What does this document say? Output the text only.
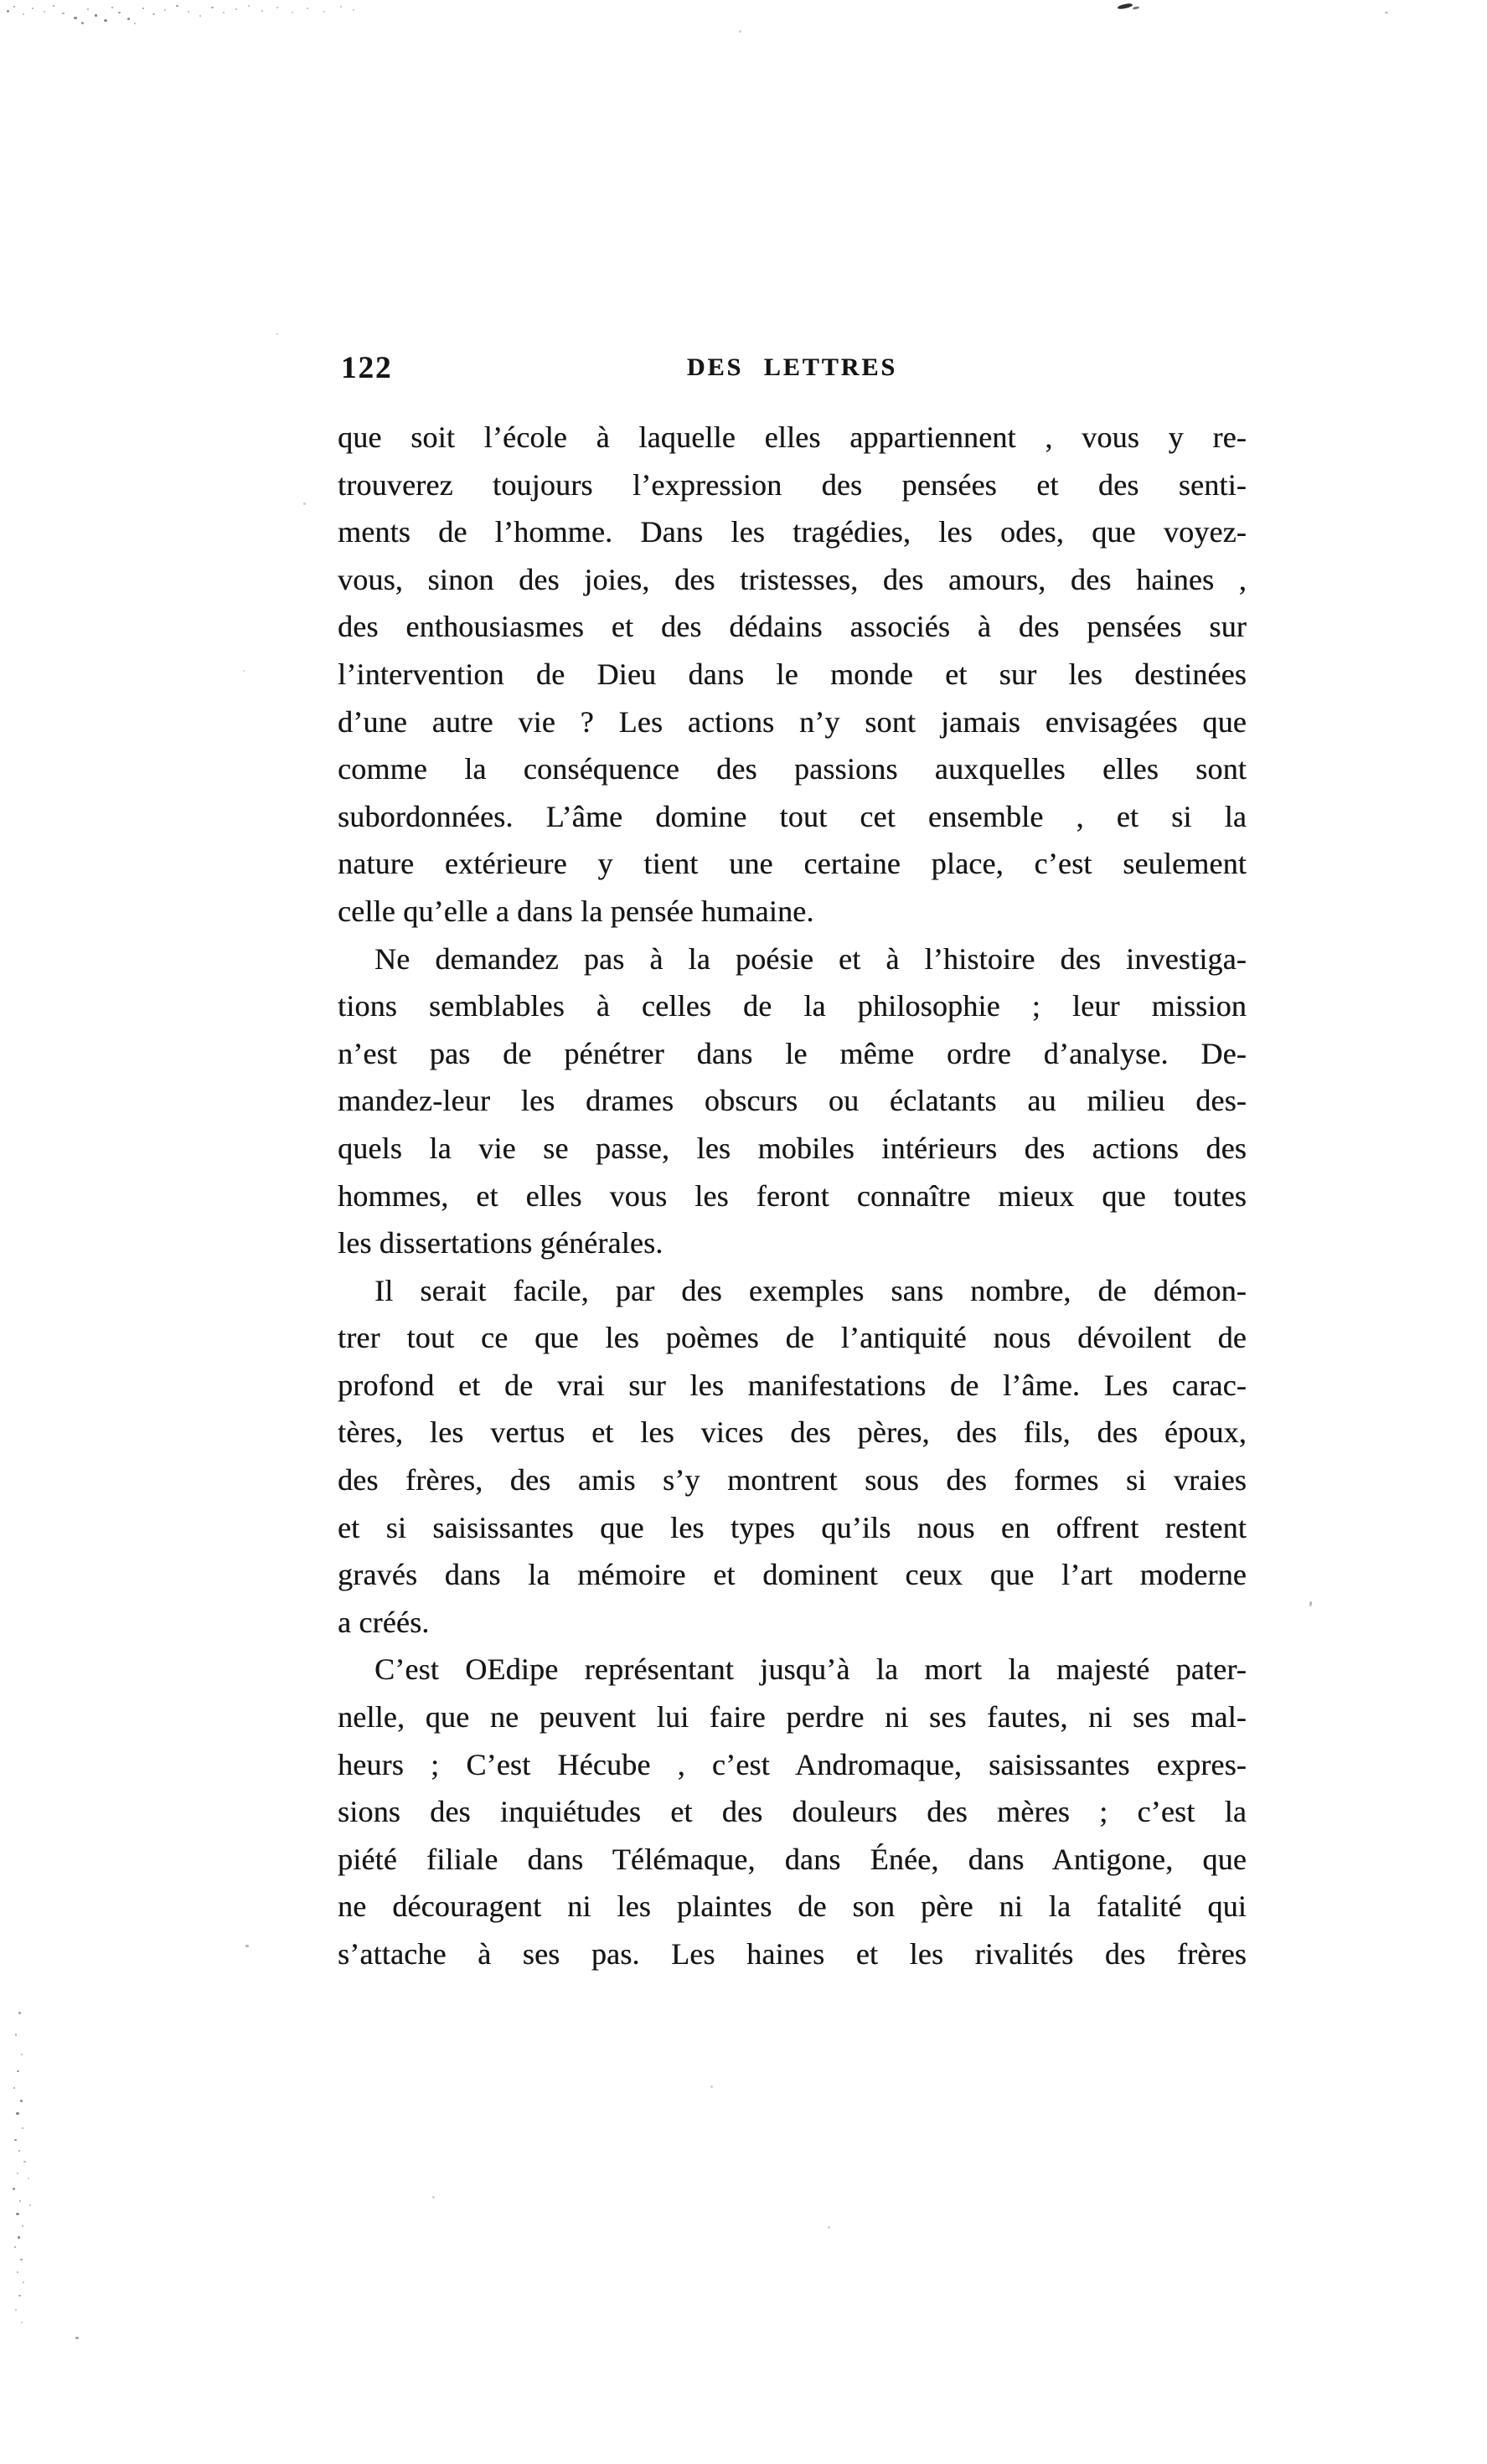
122	DES LETTRES
que soit l’école à laquelle elles appartiennent , vous y re-
trouverez toujours l’expression des pensées et des senti-
ments de l’homme. Dans les tragédies, les odes, que voyez-
vous, sinon des joies, des tristesses, des amours, des haines ,
des enthousiasmes et des dédains associés à des pensées sur
l’intervention de Dieu dans le monde et sur les destinées
d’une autre vie ? Les actions n’y sont jamais envisagées que
comme la conséquence des passions auxquelles elles sont
subordonnées. L’âme domine tout cet ensemble , et si la
nature extérieure y tient une certaine place, c’est seulement
celle qu’elle a dans la pensée humaine.
Ne demandez pas à la poésie et à l’histoire des investiga-
tions semblables à celles de la philosophie ; leur mission
n’est pas de pénétrer dans le même ordre d’analyse. De-
mandez-leur les drames obscurs ou éclatants au milieu des-
quels la vie se passe, les mobiles intérieurs des actions des
hommes, et elles vous les feront connaître mieux que toutes
les dissertations générales.
Il serait facile, par des exemples sans nombre, de démon-
trer tout ce que les poèmes de l’antiquité nous dévoilent de
profond et de vrai sur les manifestations de l’âme. Les carac-
tères, les vertus et les vices des pères, des fils, des époux,
des frères, des amis s’y montrent sous des formes si vraies
et si saisissantes que les types qu’ils nous en offrent restent
gravés dans la mémoire et dominent ceux que l’art moderne
a créés.
C’est OEdipe représentant jusqu’à la mort la majesté pater-
nelle, que ne peuvent lui faire perdre ni ses fautes, ni ses mal-
heurs ; C’est Hécube , c’est Andromaque, saisissantes expres-
sions des inquiétudes et des douleurs des mères ; c’est la
piété filiale dans Télémaque, dans Énée, dans Antigone, que
ne découragent ni les plaintes de son père ni la fatalité qui
s’attache à ses pas. Les haines et les rivalités des frères
